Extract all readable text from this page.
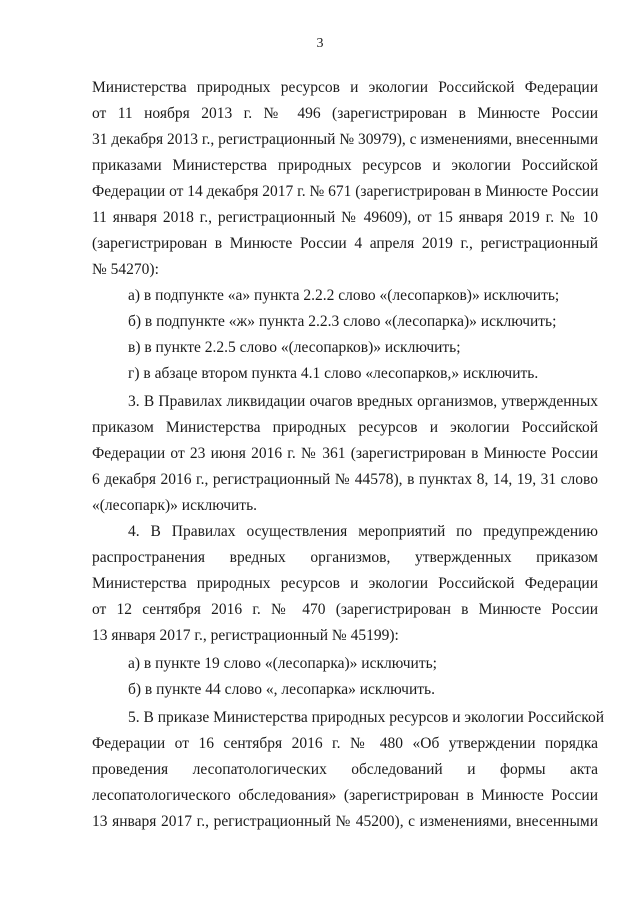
3
Министерства природных ресурсов и экологии Российской Федерации
от 11 ноября 2013 г. № 496 (зарегистрирован в Минюсте России
31 декабря 2013 г., регистрационный № 30979), с изменениями, внесенными
приказами Министерства природных ресурсов и экологии Российской
Федерации от 14 декабря 2017 г. № 671 (зарегистрирован в Минюсте России
11 января 2018 г., регистрационный № 49609), от 15 января 2019 г. № 10
(зарегистрирован в Минюсте России 4 апреля 2019 г., регистрационный
№ 54270):
а) в подпункте «а» пункта 2.2.2 слово «(лесопарков)» исключить;
б) в подпункте «ж» пункта 2.2.3 слово «(лесопарка)» исключить;
в) в пункте 2.2.5 слово «(лесопарков)» исключить;
г) в абзаце втором пункта 4.1 слово «лесопарков,» исключить.
3. В Правилах ликвидации очагов вредных организмов, утвержденных
приказом Министерства природных ресурсов и экологии Российской
Федерации от 23 июня 2016 г. № 361 (зарегистрирован в Минюсте России
6 декабря 2016 г., регистрационный № 44578), в пунктах 8, 14, 19, 31 слово
«(лесопарк)» исключить.
4. В Правилах осуществления мероприятий по предупреждению
распространения вредных организмов, утвержденных приказом
Министерства природных ресурсов и экологии Российской Федерации
от 12 сентября 2016 г. № 470 (зарегистрирован в Минюсте России
13 января 2017 г., регистрационный № 45199):
а) в пункте 19 слово «(лесопарка)» исключить;
б) в пункте 44 слово «, лесопарка» исключить.
5. В приказе Министерства природных ресурсов и экологии Российской
Федерации от 16 сентября 2016 г. № 480 «Об утверждении порядка
проведения лесопатологических обследований и формы акта
лесопатологического обследования» (зарегистрирован в Минюсте России
13 января 2017 г., регистрационный № 45200), с изменениями, внесенными
